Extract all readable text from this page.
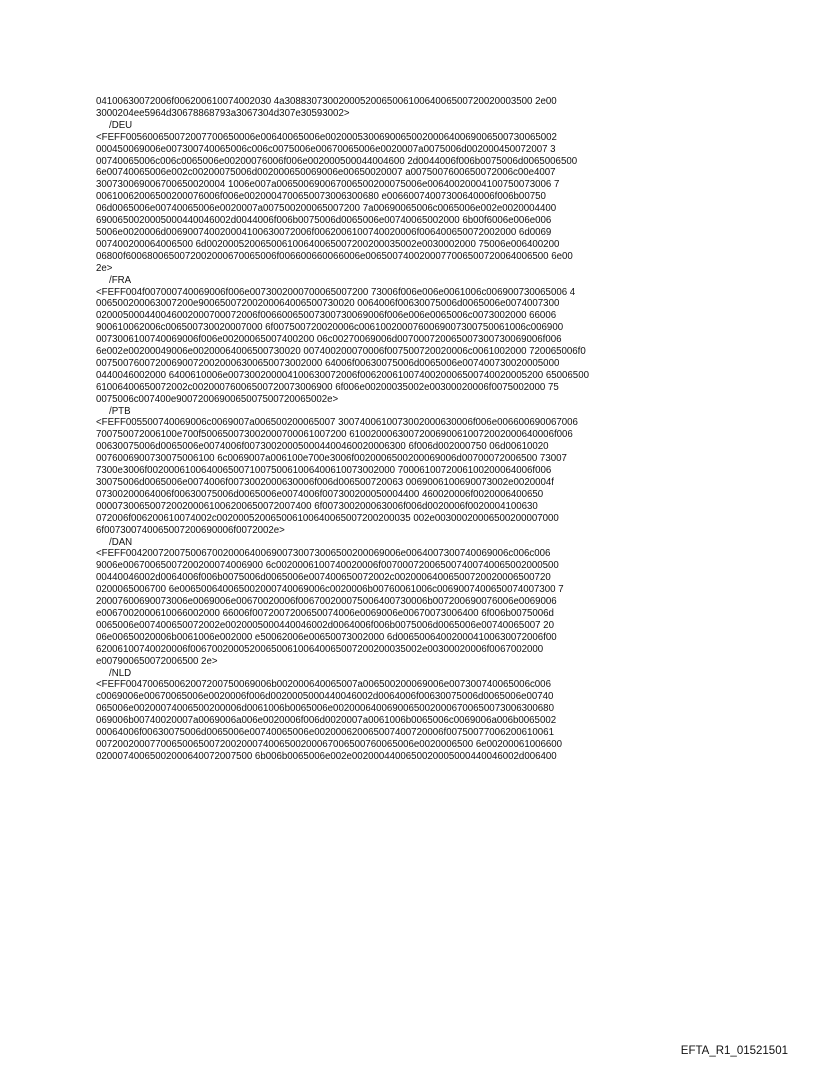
04100630072006f006200610074002030 4a3088307300200052006500610064006500720020003500 2e00
3000204ee5964d30678868793a3067304d307e30593002>
/DEU
<FEFF005600650072007700650006e00640065006e0020005300690065002000640069006500730065002
000450069006e007300740065006c006c0075006e00670065006e0020007a0075006d002000450072007 3
00740065006c006c0065006e00200076006f006e002000500044004600 2d0044006f006b0075006d0065006500
6e00740065006e002c00200075006d002000650069006e00650020007 a0075007600650072006c00e4007
300730069006700650020004 1006e007a006500690067006500200075006e00640020004100750073006 7
00610062006500200076006f006e0020004700650073006300680 e00660074007300640006f006b00750
06d0065006e00740065006e0020007a007500200065007200 7a00690065006c0065006e002e0020004400
6900650020005000440046002d0044006f006b0075006d0065006e00740065002000 6b00f6006e006e006
5006e0020006d006900740020004100630072006f0062006100740020006f006400650072002000 6d0069
007400200064006500 6d002000520065006100640065007200200035002e0030002000 75006e006400200
06800f6006800650072002000670065006f006600660066006e0065007400200077006500720064006500 6e00
2e>
/FRA
<FEFF004f007000740069006f006e0073002000700065007200 73006f006e006e0061006c006900730065006 4
006500200063007200e90065007200200064006500730020 0064006f00630075006d0065006e0074007300
020005000440046002000700072006f00660065007300730069006f006e006e0065006c0073002000 66006
900610062006c006500730020007000 6f007500720020006c0061002000760069007300750061006c006900
0073006100740069006f006e00200065007400200 06c00270069006d007000720065007300730069006f006
6e002e00200049006e00200064006500730020 007400200070006f007500720020006c0061002000 720065006f0
007500760072006900720020006300650073002000 64006f00630075006d0065006e007400730020005000
0440046002000 6400610006e007300200004100630072006f0062006100740020006500740020005200 65006500
61006400650072002c00200076006500720073006900 6f006e00200035002e00300020006f0075002000 75
0075006c007400e9007200690065007500720065002e>
/PTB
<FEFF005500740069006c0069007a006500200065007 3007400610073002000630006f006e006600690067006
700750072006100e700f500650073002000700061007200 61002000630072006900610072002000640006f006
00630075006d0065006e0074006f007300200050004400460020006300 6f006d002000750 06d00610020
0076006900730075006100 6c0069007a006100e700e3006f0020006500200069006d00700072006500 73007
7300e3006f0020006100640065007100750061006400610073002000 7000610072006100200064006f006
30075006d0065006e0074006f0073002000630006f006d006500720063 0069006100690073002e0020004f
07300200064006f00630075006d0065006e0074006f007300200050004400 460020006f0020006400650
0000730065007200200061006200650072007400 6f007300200063006f006d0020006f0020004100630
072006f006200610074002c002000520065006100640065007200200035 002e00300020006500200007000
6f007300740065007200690006f0072002e>
/DAN
<FEFF004200720075006700200064006900730073006500200069006e0064007300740069006c006c006
9006e00670065007200200074006900 6c0020006100740020006f007000720065007400740065002000500
00440046002d0064006f006b0075006d0065006e007400650072002c00200064006500720020006500720
0200065006700 6e006500640065002000740069006c0020006b00760061006c0069007400650074007300 7
20007600690073006e0069006e00670020006f006700200075006400730006b007200690076006e0069006
e0067002000610066002000 66006f0072007200650074006e0069006e00670073006400 6f006b0075006d
0065006e007400650072002e0020005000440046002d0064006f006b0075006d0065006e00740065007 20
06e00650020006b0061006e002000 e50062006e00650073002000 6d006500640020004100630072006f00
62006100740020006f0067002000520065006100640065007200200035002e00300020006f0067002000
e007900650072006500 2e>
/NLD
<FEFF004700650062007200750069006b002000640065007a006500200069006e007300740065006c006
c0069006e00670065006e0020006f006d0020005000440046002d0064006f00630075006d0065006e00740
065006e00200074006500200006d0061006b0065006e00200064006900650020006700650073006300680
069006b00740020007a0069006a006e0020006f006d0020007a0061006b0065006c0069006a006b0065002
00064006f00630075006d0065006e00740065006e002000620065007400720006f00750077006200610061
00720020007700650065007200200074006500200067006500760065006e0020006500 6e00200061006600
02000740065002000640072007500 6b006b0065006e002e0020004400650020005000440046002d006400
EFTA_R1_01521501
